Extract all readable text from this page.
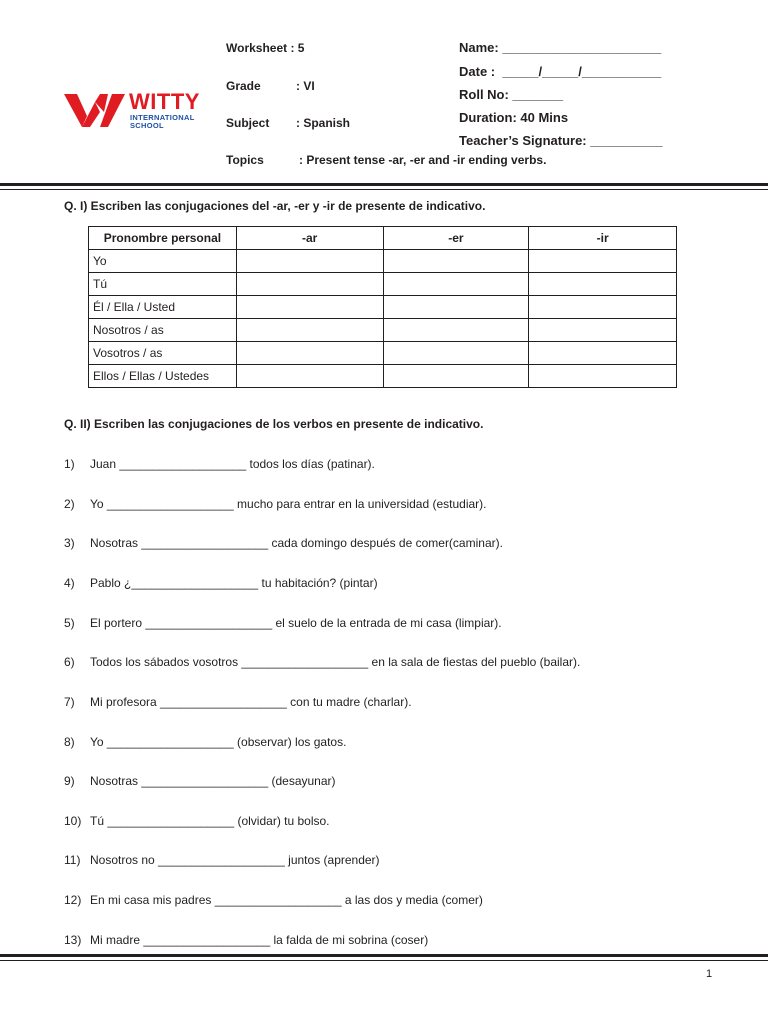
WITTY
INTERNATIONAL
SCHOOL
Worksheet : 5
Grade	: VI
Subject : Spanish
Topics	: Present tense -ar, -er and -ir ending verbs.
Name: ______________________
Date :  _____/_____/___________
Roll No: _______
Duration: 40 Mins
Teacher’s Signature: __________
Q. I) Escriben las conjugaciones del -ar, -er y -ir de presente de indicativo.
Pronombre personal	-ar	-er	-ir
Yo			
Tú			
Él / Ella / Usted			
Nosotros / as			
Vosotros / as			
Ellos / Ellas / Ustedes			
Q. II) Escriben las conjugaciones de los verbos en presente de indicativo.
1) Juan ___________________ todos los días (patinar).
2) Yo ___________________ mucho para entrar en la universidad (estudiar).
3) Nosotras ___________________ cada domingo después de comer(caminar).
4) Pablo ¿___________________ tu habitación? (pintar)
5) El portero ___________________ el suelo de la entrada de mi casa (limpiar).
6) Todos los sábados vosotros ___________________ en la sala de fiestas del pueblo (bailar).
7) Mi profesora ___________________ con tu madre (charlar).
8) Yo ___________________ (observar) los gatos.
9) Nosotras ___________________ (desayunar)
10) Tú ___________________ (olvidar) tu bolso.
11) Nosotros no ___________________ juntos (aprender)
12) En mi casa mis padres ___________________ a las dos y media (comer)
13) Mi madre ___________________ la falda de mi sobrina (coser)
1
